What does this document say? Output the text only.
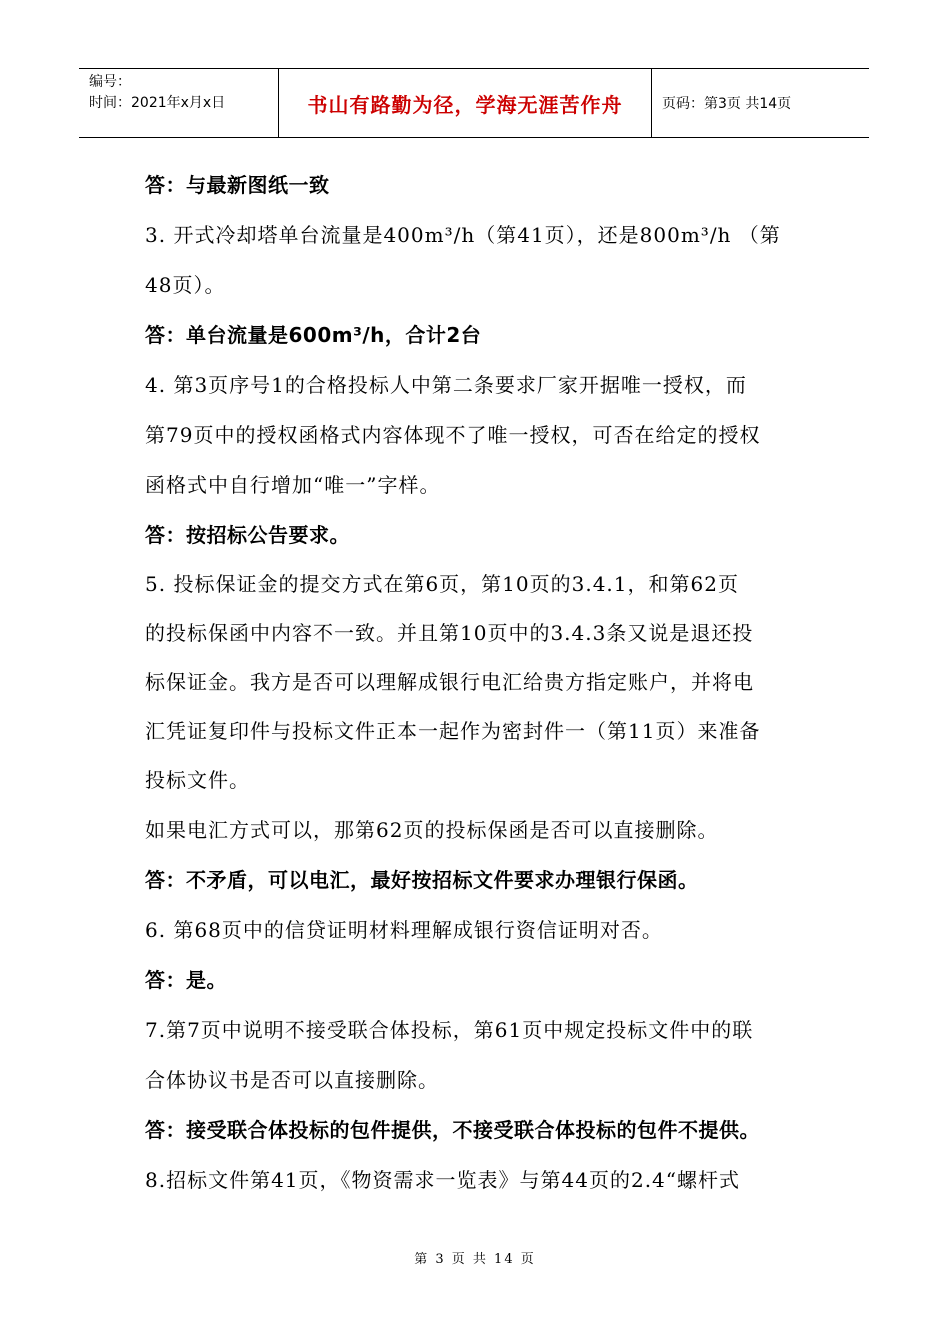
编号：
时间：2021年x月x日	书山有路勤为径，学海无涯苦作舟	页码：第3页 共14页
答：与最新图纸一致
3. 开式冷却塔单台流量是400m³/h（第41页），还是800m³/h （第
48页）。
答：单台流量是600m³/h，合计2台
4. 第3页序号1的合格投标人中第二条要求厂家开据唯一授权，而
第79页中的授权函格式内容体现不了唯一授权，可否在给定的授权
函格式中自行增加“唯一”字样。
答：按招标公告要求。
5. 投标保证金的提交方式在第6页，第10页的3.4.1，和第62页
的投标保函中内容不一致。并且第10页中的3.4.3条又说是退还投
标保证金。我方是否可以理解成银行电汇给贵方指定账户，并将电
汇凭证复印件与投标文件正本一起作为密封件一（第11页）来准备
投标文件。
如果电汇方式可以，那第62页的投标保函是否可以直接删除。
答：不矛盾，可以电汇，最好按招标文件要求办理银行保函。
6. 第68页中的信贷证明材料理解成银行资信证明对否。
答：是。
7.第7页中说明不接受联合体投标，第61页中规定投标文件中的联
合体协议书是否可以直接删除。
答：接受联合体投标的包件提供，不接受联合体投标的包件不提供。
8.招标文件第41页，《物资需求一览表》与第44页的2.4“螺杆式
第 3 页 共 14 页
